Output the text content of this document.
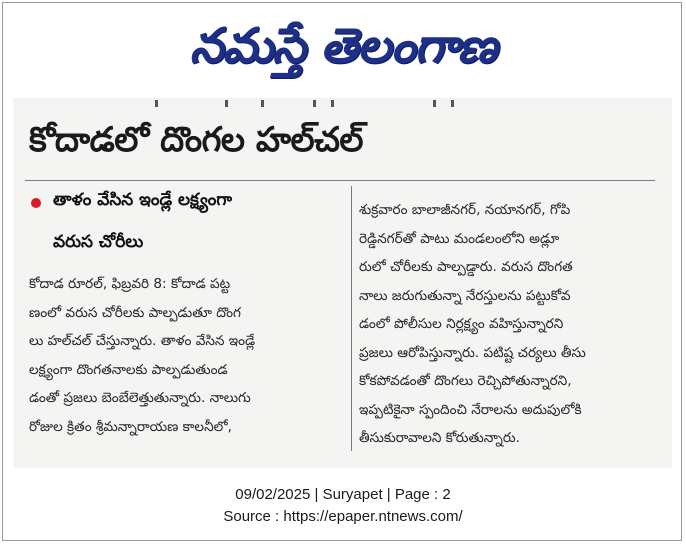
నమస్తే తెలంగాణ
కోదాడలో దొంగల హల్‌చల్
తాళం వేసిన ఇండ్లే లక్ష్యంగా
వరుస చోరీలు
కోదాడ రూరల్, ఫిబ్రవరి 8: కోదాడ పట్ట
ణంలో వరుస చోరీలకు పాల్పడుతూ దొంగ
లు హల్‌చల్ చేస్తున్నారు. తాళం వేసిన ఇండ్లే
లక్ష్యంగా దొంగతనాలకు పాల్పడుతుండ
డంతో ప్రజలు బెంబేలెత్తుతున్నారు. నాలుగు
రోజుల క్రితం శ్రీమన్నారాయణ కాలనీలో,
శుక్రవారం బాలాజీనగర్, నయానగర్, గోపి
రెడ్డినగర్‌తో పాటు మండలంలోని అడ్లూ
రులో చోరీలకు పాల్పడ్డారు. వరుస దొంగత
నాలు జరుగుతున్నా నేరస్తులను పట్టుకోవ
డంలో పోలీసుల నిర్లక్ష్యం వహిస్తున్నారని
ప్రజలు ఆరోపిస్తున్నారు. పటిష్ట చర్యలు తీసు
కోకపోవడంతో దొంగలు రెచ్చిపోతున్నారని,
ఇప్పటికైనా స్పందించి నేరాలను అదుపులోకి
తీసుకురావాలని కోరుతున్నారు.
09/02/2025 | Suryapet | Page : 2
Source : https://epaper.ntnews.com/
